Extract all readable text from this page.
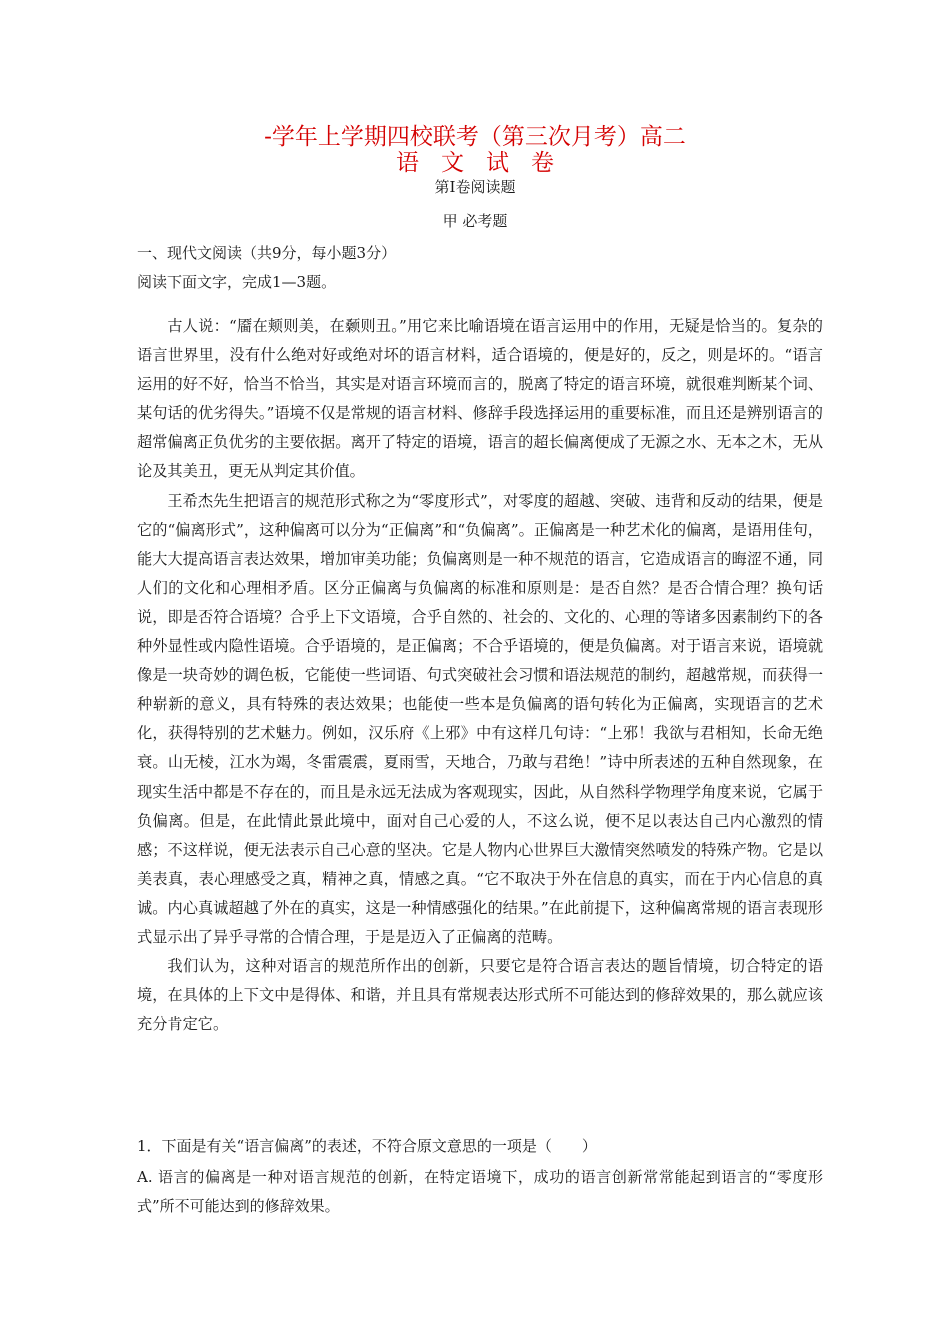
-学年上学期四校联考（第三次月考）高二
语文试卷
第Ⅰ卷阅读题
甲 必考题
一、现代文阅读（共9分，每小题3分）
阅读下面文字，完成1—3题。

古人说：“靥在颊则美，在颡则丑。”用它来比喻语境在语言运用中的作用，无疑是恰当的。复杂的语言世界里，没有什么绝对好或绝对坏的语言材料，适合语境的，便是好的，反之，则是坏的。“语言运用的好不好，恰当不恰当，其实是对语言环境而言的，脱离了特定的语言环境，就很难判断某个词、某句话的优劣得失。”语境不仅是常规的语言材料、修辞手段选择运用的重要标准，而且还是辨别语言的超常偏离正负优劣的主要依据。离开了特定的语境，语言的超长偏离便成了无源之水、无本之木，无从论及其美丑，更无从判定其价值。

王希杰先生把语言的规范形式称之为“零度形式”，对零度的超越、突破、违背和反动的结果，便是它的“偏离形式”，这种偏离可以分为“正偏离”和“负偏离”。正偏离是一种艺术化的偏离，是语用佳句，能大大提高语言表达效果，增加审美功能；负偏离则是一种不规范的语言，它造成语言的晦涩不通，同人们的文化和心理相矛盾。区分正偏离与负偏离的标准和原则是：是否自然？是否合情合理？换句话说，即是否符合语境？合乎上下文语境，合乎自然的、社会的、文化的、心理的等诸多因素制约下的各种外显性或内隐性语境。合乎语境的，是正偏离；不合乎语境的，便是负偏离。对于语言来说，语境就像是一块奇妙的调色板，它能使一些词语、句式突破社会习惯和语法规范的制约，超越常规，而获得一种崭新的意义，具有特殊的表达效果；也能使一些本是负偏离的语句转化为正偏离，实现语言的艺术化，获得特别的艺术魅力。例如，汉乐府《上邪》中有这样几句诗：“上邪！我欲与君相知，长命无绝衰。山无棱，江水为竭，冬雷震震，夏雨雪，天地合，乃敢与君绝！”诗中所表述的五种自然现象，在现实生活中都是不存在的，而且是永远无法成为客观现实，因此，从自然科学物理学角度来说，它属于负偏离。但是，在此情此景此境中，面对自己心爱的人，不这么说，便不足以表达自己内心激烈的情感；不这样说，便无法表示自己心意的坚决。它是人物内心世界巨大激情突然喷发的特殊产物。它是以美表真，表心理感受之真，精神之真，情感之真。“它不取决于外在信息的真实，而在于内心信息的真诚。内心真诚超越了外在的真实，这是一种情感强化的结果。”在此前提下，这种偏离常规的语言表现形式显示出了异乎寻常的合情合理，于是是迈入了正偏离的范畴。

我们认为，这种对语言的规范所作出的创新，只要它是符合语言表达的题旨情境，切合特定的语境，在具体的上下文中是得体、和谐，并且具有常规表达形式所不可能达到的修辞效果的，那么就应该充分肯定它。

1．下面是有关“语言偏离”的表述，不符合原文意思的一项是（　　）
A. 语言的偏离是一种对语言规范的创新，在特定语境下，成功的语言创新常常能起到语言的“零度形式”所不可能达到的修辞效果。
